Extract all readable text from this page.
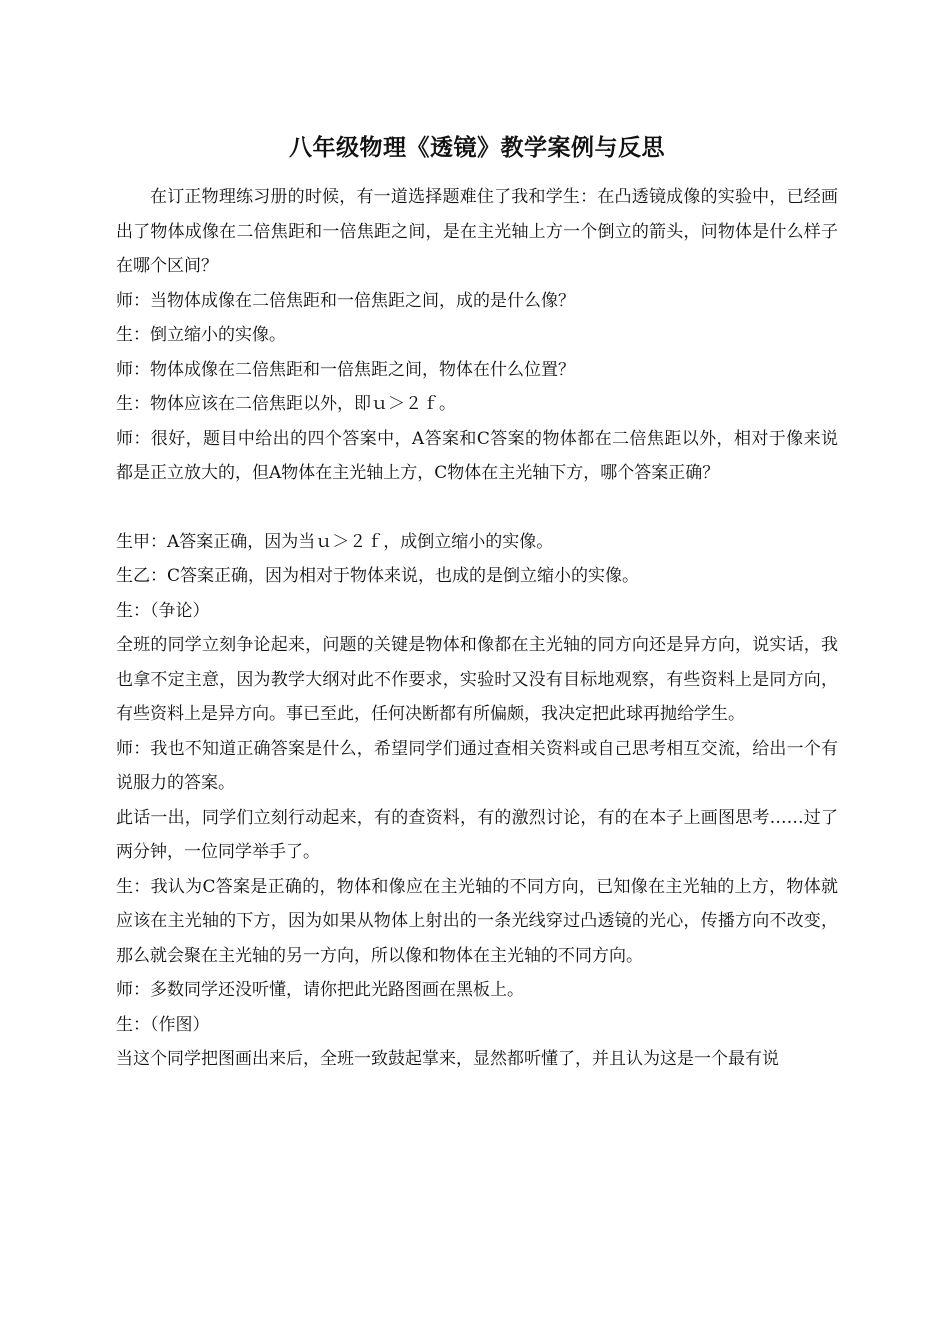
八年级物理《透镜》教学案例与反思

在订正物理练习册的时候，有一道选择题难住了我和学生：在凸透镜成像的实验中，已经画出了物体成像在二倍焦距和一倍焦距之间，是在主光轴上方一个倒立的箭头，问物体是什么样子在哪个区间？

师：当物体成像在二倍焦距和一倍焦距之间，成的是什么像？

生：倒立缩小的实像。

师：物体成像在二倍焦距和一倍焦距之间，物体在什么位置？

生：物体应该在二倍焦距以外，即ｕ＞２ｆ。

师：很好，题目中给出的四个答案中，A答案和C答案的物体都在二倍焦距以外，相对于像来说都是正立放大的，但A物体在主光轴上方，C物体在主光轴下方，哪个答案正确？

生甲：A答案正确，因为当ｕ＞２ｆ，成倒立缩小的实像。

生乙：C答案正确，因为相对于物体来说，也成的是倒立缩小的实像。

生：（争论）

全班的同学立刻争论起来，问题的关键是物体和像都在主光轴的同方向还是异方向，说实话，我也拿不定主意，因为教学大纲对此不作要求，实验时又没有目标地观察，有些资料上是同方向，有些资料上是异方向。事已至此，任何决断都有所偏颇，我决定把此球再抛给学生。

师：我也不知道正确答案是什么，希望同学们通过查相关资料或自己思考相互交流，给出一个有说服力的答案。

此话一出，同学们立刻行动起来，有的查资料，有的激烈讨论，有的在本子上画图思考……过了两分钟，一位同学举手了。

生：我认为C答案是正确的，物体和像应在主光轴的不同方向，已知像在主光轴的上方，物体就应该在主光轴的下方，因为如果从物体上射出的一条光线穿过凸透镜的光心，传播方向不改变，那么就会聚在主光轴的另一方向，所以像和物体在主光轴的不同方向。

师：多数同学还没听懂，请你把此光路图画在黑板上。

生：（作图）

当这个同学把图画出来后，全班一致鼓起掌来，显然都听懂了，并且认为这是一个最有说
